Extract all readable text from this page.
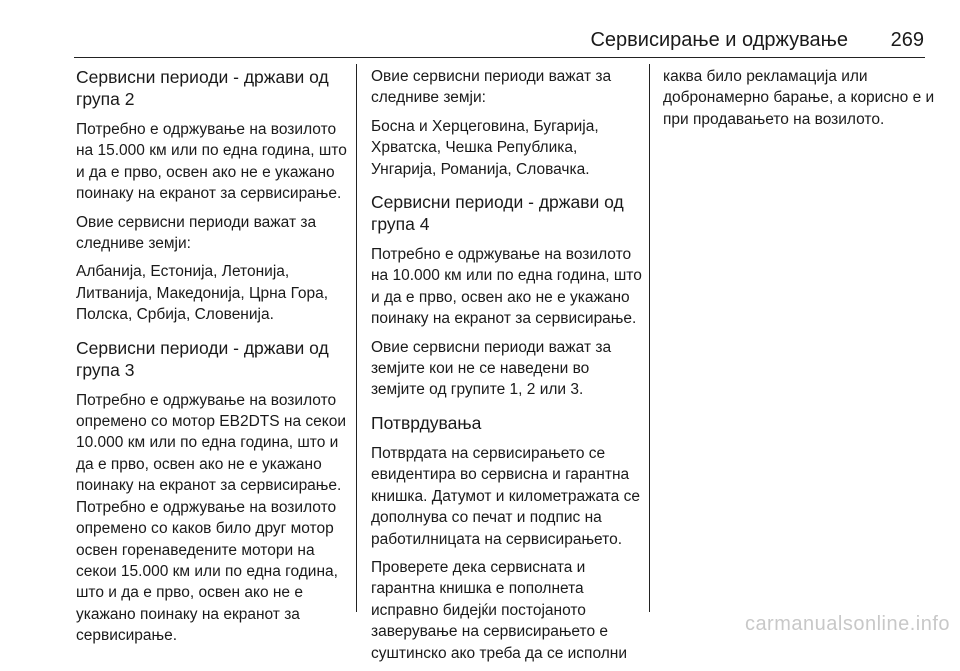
Сервисирање и одржување 269
Сервисни периоди - држави од група 2

Потребно е одржување на возилото на 15.000 км или по една година, што и да е прво, освен ако не е укажано поинаку на екранот за сервисирање.

Овие сервисни периоди важат за следниве земји:

Албанија, Естонија, Летонија, Литванија, Македонија, Црна Гора, Полска, Србија, Словенија.

Сервисни периоди - држави од група 3

Потребно е одржување на возилото опремено со мотор EB2DTS на секои 10.000 км или по една година, што и да е прво, освен ако не е укажано поинаку на екранот за сервисирање. Потребно е одржување на возилото опремено со каков било друг мотор освен горенаведените мотори на секои 15.000 км или по една година, што и да е прво, освен ако не е укажано поинаку на екранот за сервисирање.

Овие сервисни периоди важат за следниве земји:

Босна и Херцеговина, Бугарија, Хрватска, Чешка Република, Унгарија, Романија, Словачка.

Сервисни периоди - држави од група 4

Потребно е одржување на возилото на 10.000 км или по една година, што и да е прво, освен ако не е укажано поинаку на екранот за сервисирање.

Овие сервисни периоди важат за земјите кои не се наведени во земјите од групите 1, 2 или 3.

Потврдувања

Потврдата на сервисирањето се евидентира во сервисна и гарантна книшка. Датумот и километражата се дополнува со печат и подпис на работилницата на сервисирањето.

Проверете дека сервисната и гарантна книшка е пополнета исправно бидејќи постојаното заверување на сервисирањето е суштинско ако треба да се исполни

каква било рекламација или добронамерно барање, а корисно е и при продавањето на возилото.

carmanualsonline.info
